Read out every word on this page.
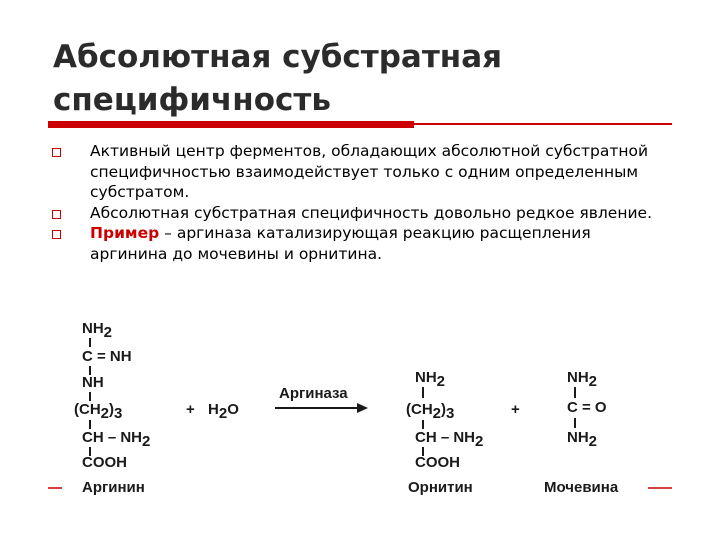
Абсолютная субстратная специфичность
Активный центр ферментов, обладающих абсолютной субстратной специфичностью взаимодействует только с одним определенным субстратом.
Абсолютная субстратная специфичность довольно редкое явление.
Пример – аргиназа катализирующая реакцию расщепления аргинина до мочевины и орнитина.
NH2
C = NH
NH
(CH2)3
CH – NH2
COOH
Аргинин
+ H2O
Аргиназа
NH2
(CH2)3
CH – NH2
COOH
Орнитин
+
NH2
C = O
NH2
Мочевина
